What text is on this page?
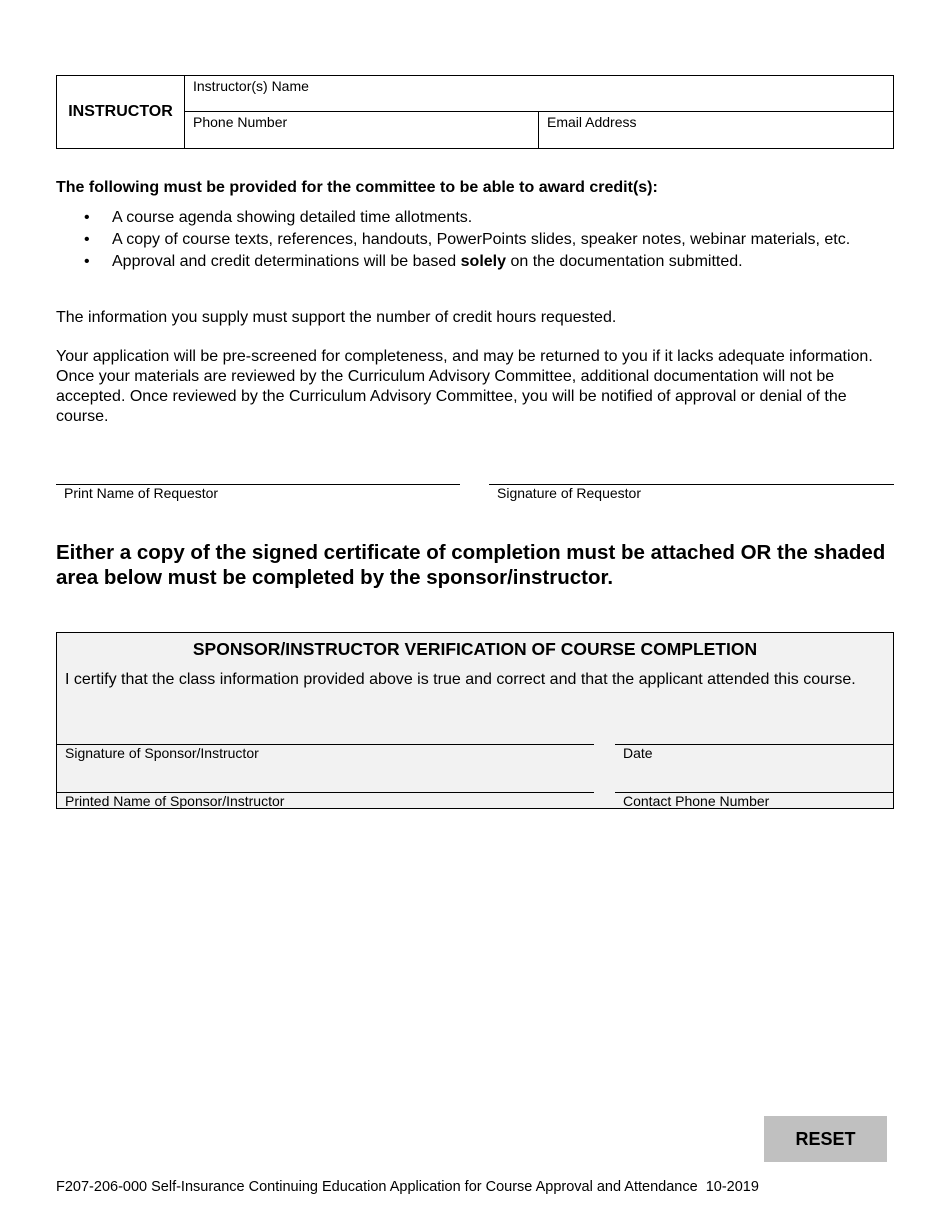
INSTRUCTOR
Instructor(s) Name
Phone Number	Email Address
The following must be provided for the committee to be able to award credit(s):
• A course agenda showing detailed time allotments.
• A copy of course texts, references, handouts, PowerPoints slides, speaker notes, webinar materials, etc.
• Approval and credit determinations will be based solely on the documentation submitted.

The information you supply must support the number of credit hours requested.

Your application will be pre-screened for completeness, and may be returned to you if it lacks adequate information. Once your materials are reviewed by the Curriculum Advisory Committee, additional documentation will not be accepted. Once reviewed by the Curriculum Advisory Committee, you will be notified of approval or denial of the course.

Print Name of Requestor	Signature of Requestor

Either a copy of the signed certificate of completion must be attached OR the shaded area below must be completed by the sponsor/instructor.

SPONSOR/INSTRUCTOR VERIFICATION OF COURSE COMPLETION
I certify that the class information provided above is true and correct and that the applicant attended this course.
Signature of Sponsor/Instructor	Date
Printed Name of Sponsor/Instructor	Contact Phone Number
RESET
F207-206-000 Self-Insurance Continuing Education Application for Course Approval and Attendance  10-2019
